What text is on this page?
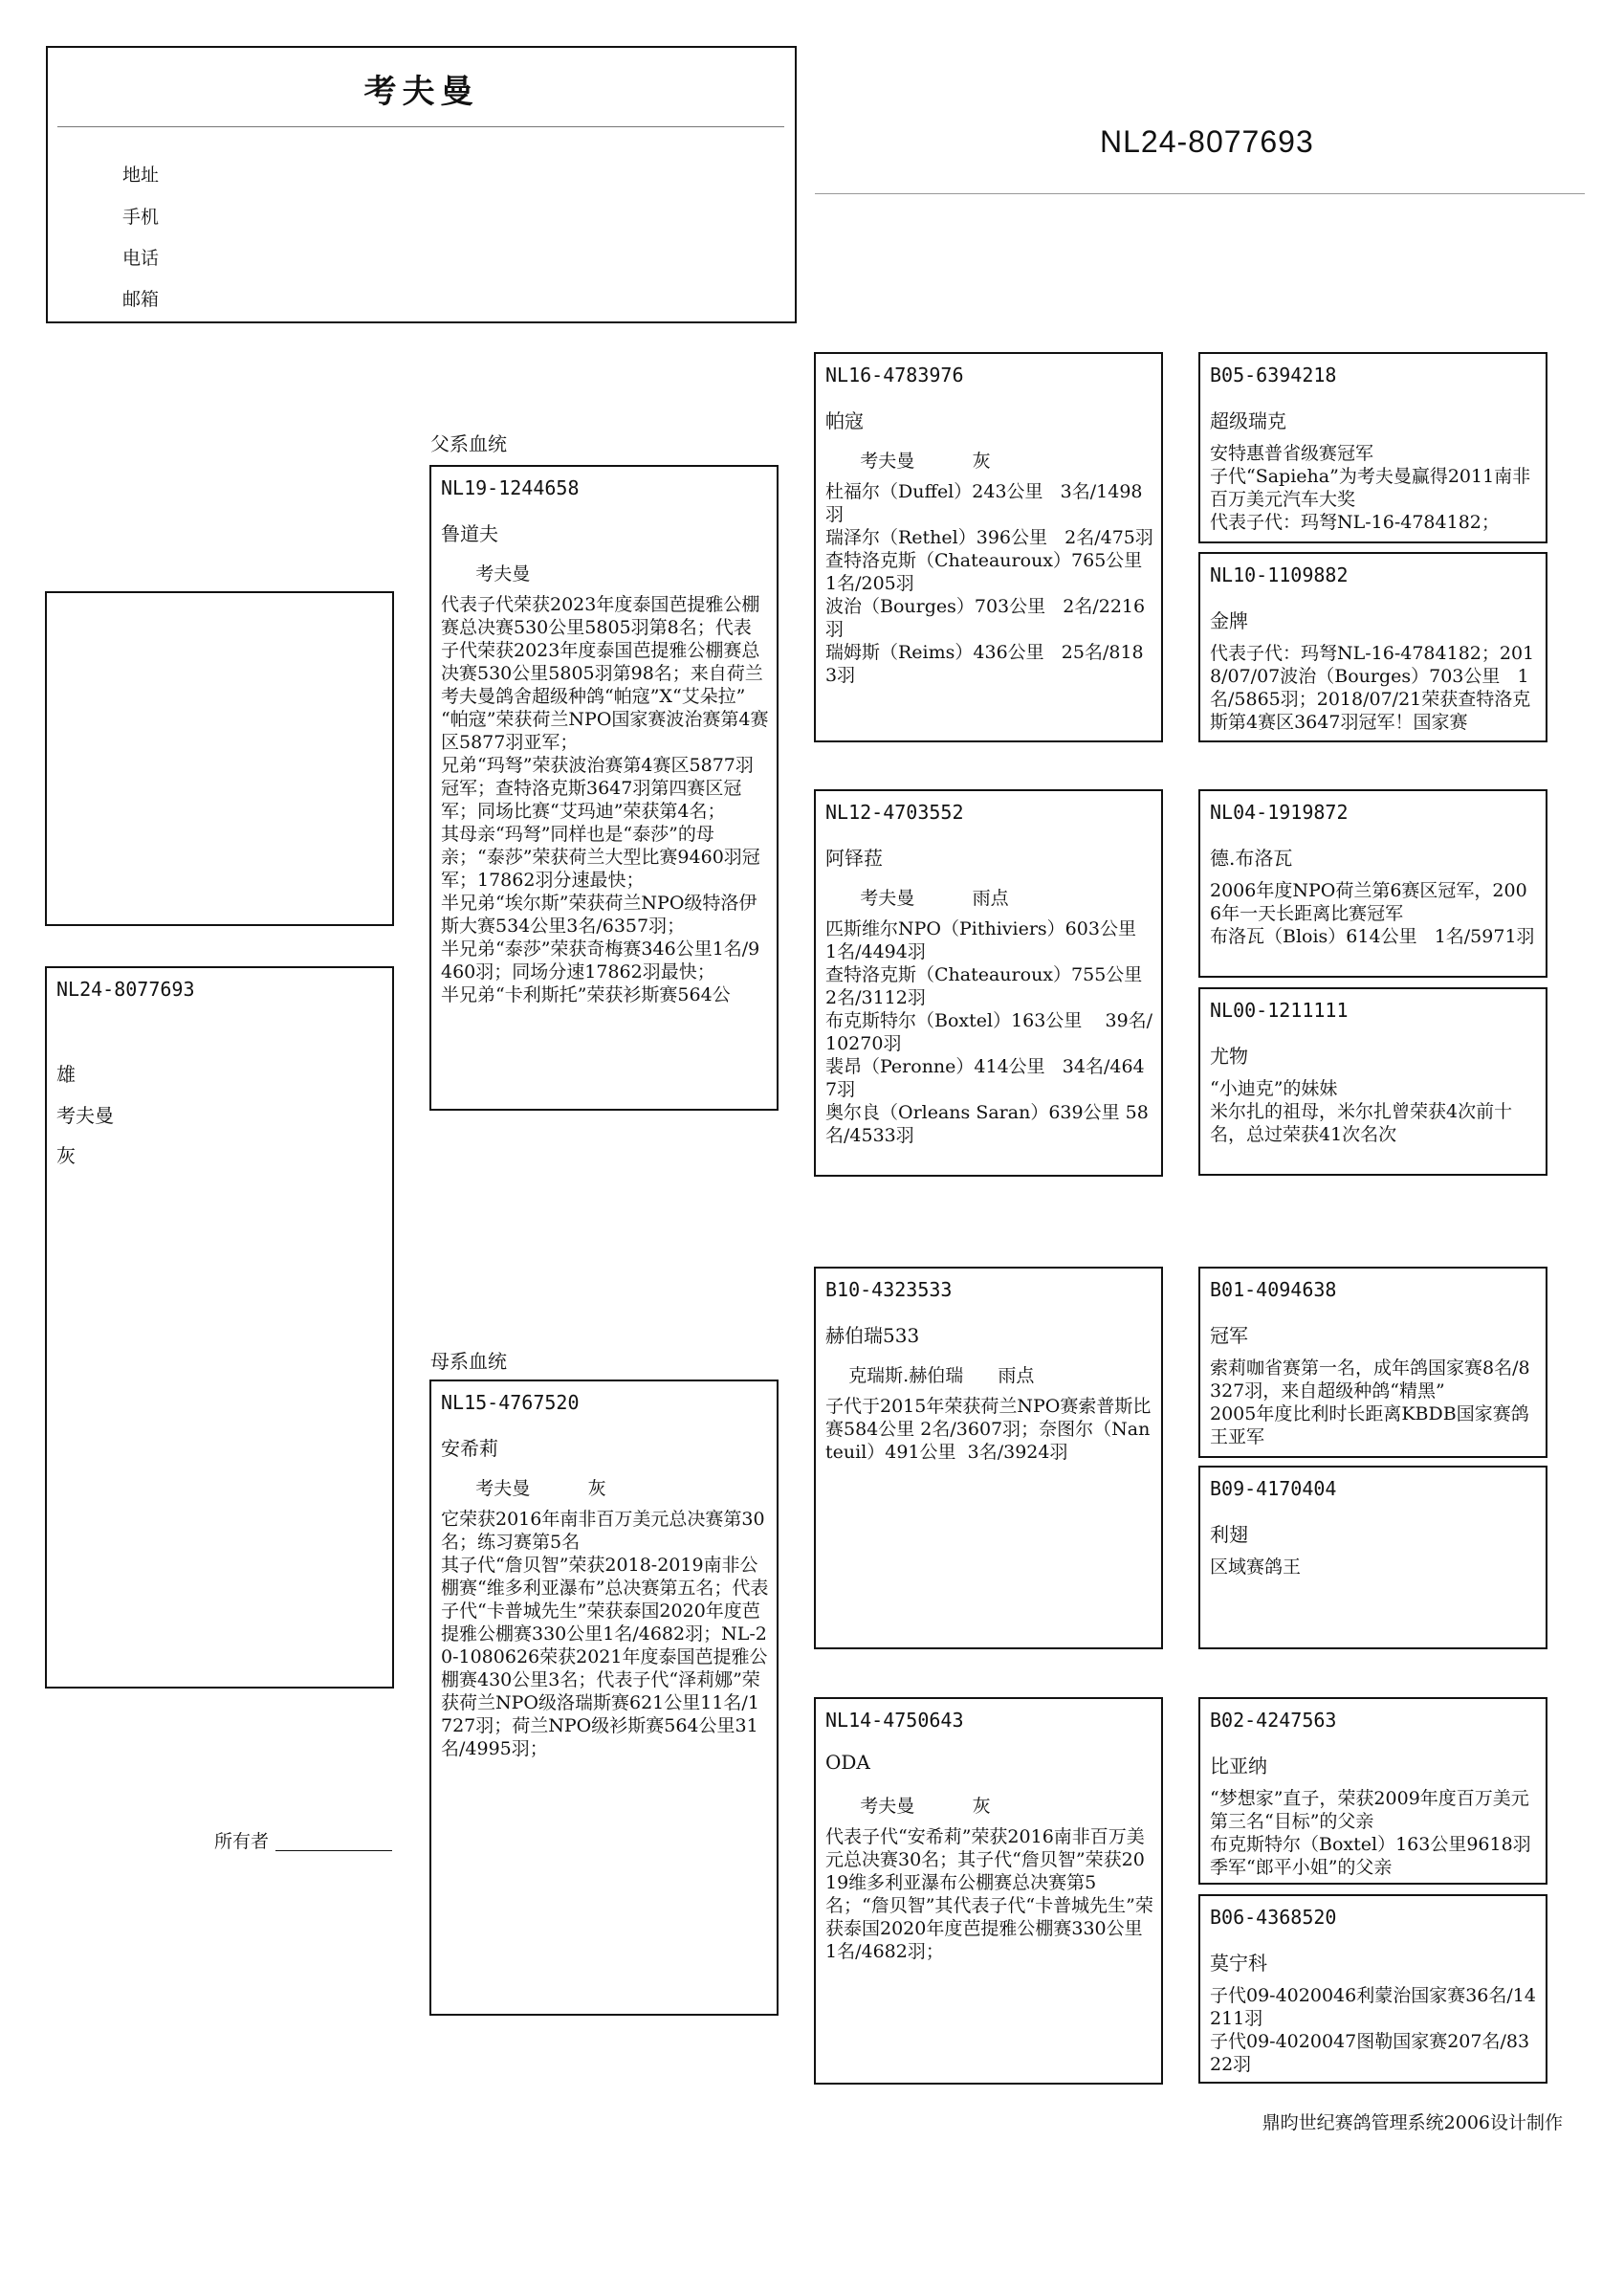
考夫曼
地址
手机
电话
邮箱
NL24-8077693
NL24-8077693
雄
考夫曼
灰
所有者
父系血统
母系血统
NL19-1244658
鲁道夫
考夫曼
代表子代荣获2023年度泰国芭提雅公棚赛总决赛530公里5805羽第8名；代表子代荣获2023年度泰国芭提雅公棚赛总决赛530公里5805羽第98名；来自荷兰考夫曼鸽舍超级种鸽“帕寇”X“艾朵拉”
“帕寇”荣获荷兰NPO国家赛波治赛第4赛区5877羽亚军；
兄弟“玛弩”荣获波治赛第4赛区5877羽冠军；查特洛克斯3647羽第四赛区冠军；同场比赛“艾玛迪”荣获第4名；
其母亲“玛弩”同样也是“泰莎”的母亲；“泰莎”荣获荷兰大型比赛9460羽冠军；17862羽分速最快；
半兄弟“埃尔斯”荣获荷兰NPO级特洛伊斯大赛534公里3名/6357羽；
半兄弟“泰莎”荣获奇梅赛346公里1名/9460羽；同场分速17862羽最快；
半兄弟“卡利斯托”荣获衫斯赛564公
NL15-4767520
安希莉
考夫曼          灰
它荣获2016年南非百万美元总决赛第30名；练习赛第5名
其子代“詹贝智”荣获2018-2019南非公棚赛“维多利亚瀑布”总决赛第五名；代表子代“卡普城先生”荣获泰国2020年度芭提雅公棚赛330公里1名/4682羽；NL-20-1080626荣获2021年度泰国芭提雅公棚赛430公里3名；代表子代“泽莉娜”荣获荷兰NPO级洛瑞斯赛621公里11名/1727羽；荷兰NPO级衫斯赛564公里31名/4995羽；
NL16-4783976
帕寇
考夫曼          灰
杜福尔（Duffel）243公里   3名/1498羽
瑞泽尔（Rethel）396公里   2名/475羽
查特洛克斯（Chateauroux）765公里 1名/205羽
波治（Bourges）703公里   2名/2216羽
瑞姆斯（Reims）436公里   25名/8183羽
NL12-4703552
阿铎菈
考夫曼          雨点
匹斯维尔NPO（Pithiviers）603公里   1名/4494羽
查特洛克斯（Chateauroux）755公里   2名/3112羽
布克斯特尔（Boxtel）163公里    39名/10270羽
裴昂（Peronne）414公里   34名/4647羽
奥尔良（Orleans Saran）639公里 58名/4533羽
B10-4323533
赫伯瑞533
克瑞斯.赫伯瑞      雨点
子代于2015年荣获荷兰NPO赛索普斯比赛584公里 2名/3607羽；奈图尔（Nanteuil）491公里  3名/3924羽
NL14-4750643
ODA
考夫曼          灰
代表子代“安希莉”荣获2016南非百万美元总决赛30名；其子代“詹贝智”荣获2019维多利亚瀑布公棚赛总决赛第5名；“詹贝智”其代表子代“卡普城先生”荣获泰国2020年度芭提雅公棚赛330公里1名/4682羽；
B05-6394218
超级瑞克
安特惠普省级赛冠军
子代“Sapieha”为考夫曼赢得2011南非百万美元汽车大奖
代表子代：玛弩NL-16-4784182；
NL10-1109882
金牌
代表子代：玛弩NL-16-4784182；2018/07/07波治（Bourges）703公里   1名/5865羽；2018/07/21荣获查特洛克斯第4赛区3647羽冠军！国家赛
NL04-1919872
德.布洛瓦
2006年度NPO荷兰第6赛区冠军，2006年一天长距离比赛冠军
布洛瓦（Blois）614公里   1名/5971羽
NL00-1211111
尤物
“小迪克”的妹妹
米尔扎的祖母，米尔扎曾荣获4次前十名，总过荣获41次名次
B01-4094638
冠军
索莉咖省赛第一名，成年鸽国家赛8名/8327羽，来自超级种鸽“精黑”
2005年度比利时长距离KBDB国家赛鸽王亚军
B09-4170404
利翅
区域赛鸽王
B02-4247563
比亚纳
“梦想家”直子，荣获2009年度百万美元第三名“目标”的父亲
布克斯特尔（Boxtel）163公里9618羽季军“郎平小姐”的父亲
B06-4368520
莫宁科
子代09-4020046利蒙治国家赛36名/14211羽
子代09-4020047图勒国家赛207名/8322羽
鼎昀世纪赛鸽管理系统2006设计制作
